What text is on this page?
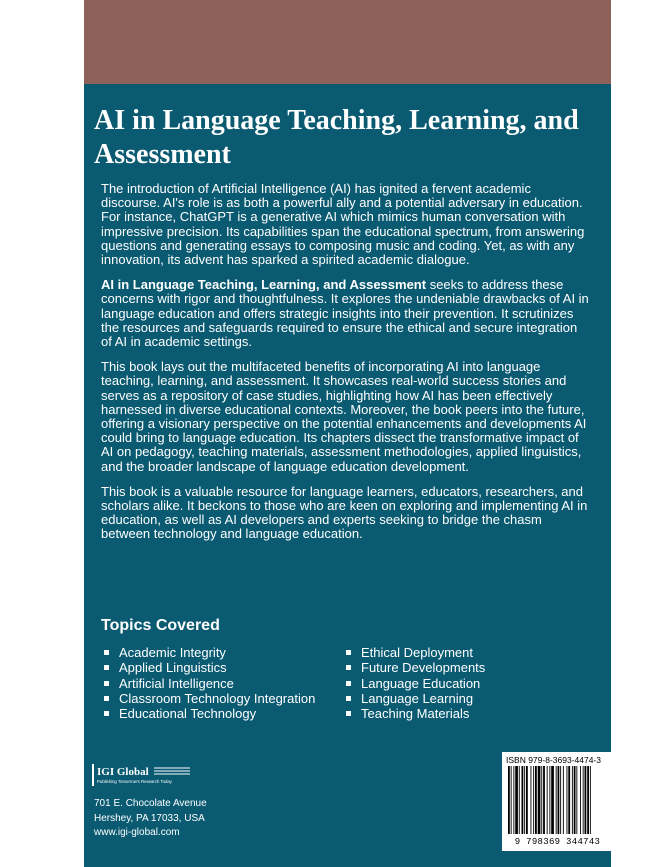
AI in Language Teaching, Learning, and Assessment

The introduction of Artificial Intelligence (AI) has ignited a fervent academic discourse. AI's role is as both a powerful ally and a potential adversary in education. For instance, ChatGPT is a generative AI which mimics human conversation with impressive precision. Its capabilities span the educational spectrum, from answering questions and generating essays to composing music and coding. Yet, as with any innovation, its advent has sparked a spirited academic dialogue.

AI in Language Teaching, Learning, and Assessment seeks to address these concerns with rigor and thoughtfulness. It explores the undeniable drawbacks of AI in language education and offers strategic insights into their prevention. It scrutinizes the resources and safeguards required to ensure the ethical and secure integration of AI in academic settings.

This book lays out the multifaceted benefits of incorporating AI into language teaching, learning, and assessment. It showcases real-world success stories and serves as a repository of case studies, highlighting how AI has been effectively harnessed in diverse educational contexts. Moreover, the book peers into the future, offering a visionary perspective on the potential enhancements and developments AI could bring to language education. Its chapters dissect the transformative impact of AI on pedagogy, teaching materials, assessment methodologies, applied linguistics, and the broader landscape of language education development.

This book is a valuable resource for language learners, educators, researchers, and scholars alike. It beckons to those who are keen on exploring and implementing AI in education, as well as AI developers and experts seeking to bridge the chasm between technology and language education.

Topics Covered
Academic Integrity
Applied Linguistics
Artificial Intelligence
Classroom Technology Integration
Educational Technology
Ethical Deployment
Future Developments
Language Education
Language Learning
Teaching Materials
IGI Global
Publishing Tomorrow's Research Today
701 E. Chocolate Avenue
Hershey, PA 17033, USA
www.igi-global.com
ISBN 979-8-3693-4474-3
9 798369 344743
